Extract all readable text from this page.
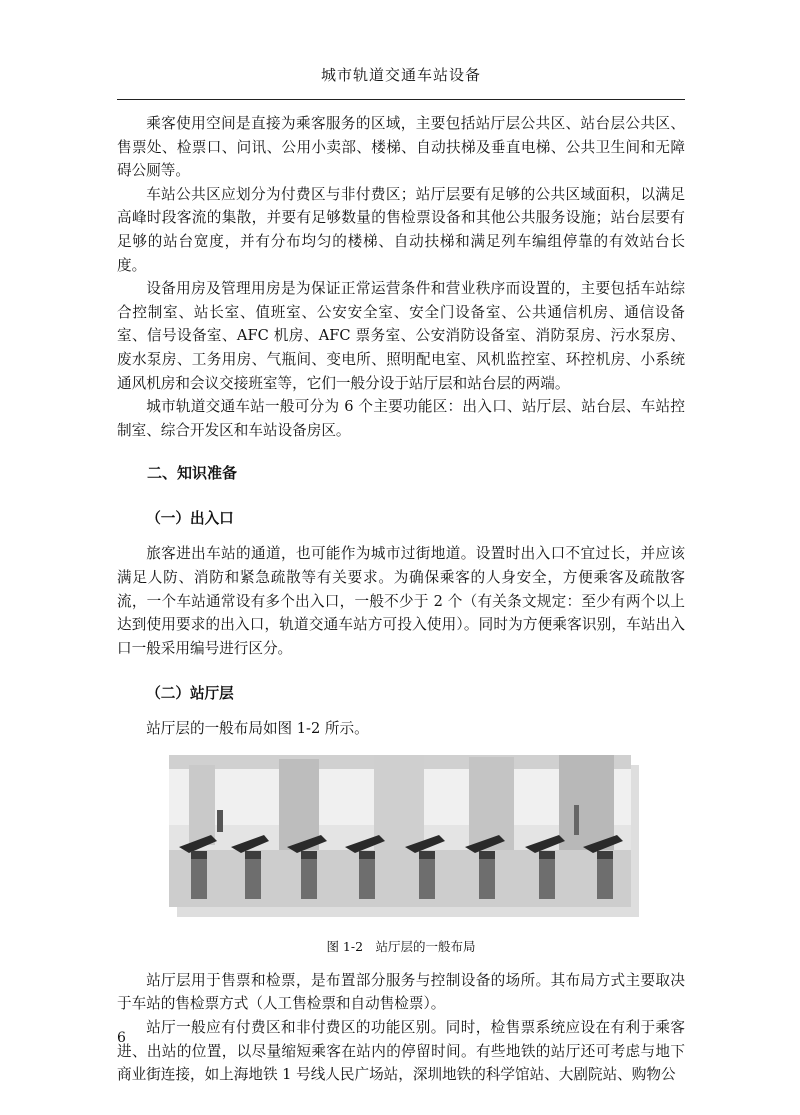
城市轨道交通车站设备

乘客使用空间是直接为乘客服务的区域，主要包括站厅层公共区、站台层公共区、售票处、检票口、问讯、公用小卖部、楼梯、自动扶梯及垂直电梯、公共卫生间和无障碍公厕等。

车站公共区应划分为付费区与非付费区；站厅层要有足够的公共区域面积，以满足高峰时段客流的集散，并要有足够数量的售检票设备和其他公共服务设施；站台层要有足够的站台宽度，并有分布均匀的楼梯、自动扶梯和满足列车编组停靠的有效站台长度。

设备用房及管理用房是为保证正常运营条件和营业秩序而设置的，主要包括车站综合控制室、站长室、值班室、公安安全室、安全门设备室、公共通信机房、通信设备室、信号设备室、AFC 机房、AFC 票务室、公安消防设备室、消防泵房、污水泵房、废水泵房、工务用房、气瓶间、变电所、照明配电室、风机监控室、环控机房、小系统通风机房和会议交接班室等，它们一般分设于站厅层和站台层的两端。

城市轨道交通车站一般可分为 6 个主要功能区：出入口、站厅层、站台层、车站控制室、综合开发区和车站设备房区。

二、知识准备
（一）出入口

旅客进出车站的通道，也可能作为城市过街地道。设置时出入口不宜过长，并应该满足人防、消防和紧急疏散等有关要求。为确保乘客的人身安全，方便乘客及疏散客流，一个车站通常设有多个出入口，一般不少于 2 个（有关条文规定：至少有两个以上达到使用要求的出入口，轨道交通车站方可投入使用）。同时为方便乘客识别，车站出入口一般采用编号进行区分。

（二）站厅层

站厅层的一般布局如图 1-2 所示。

图 1-2　站厅层的一般布局

站厅层用于售票和检票，是布置部分服务与控制设备的场所。其布局方式主要取决于车站的售检票方式（人工售检票和自动售检票）。

站厅一般应有付费区和非付费区的功能区别。同时，检售票系统应设在有利于乘客进、出站的位置，以尽量缩短乘客在站内的停留时间。有些地铁的站厅还可考虑与地下商业街连接，如上海地铁 1 号线人民广场站，深圳地铁的科学馆站、大剧院站、购物公

6
